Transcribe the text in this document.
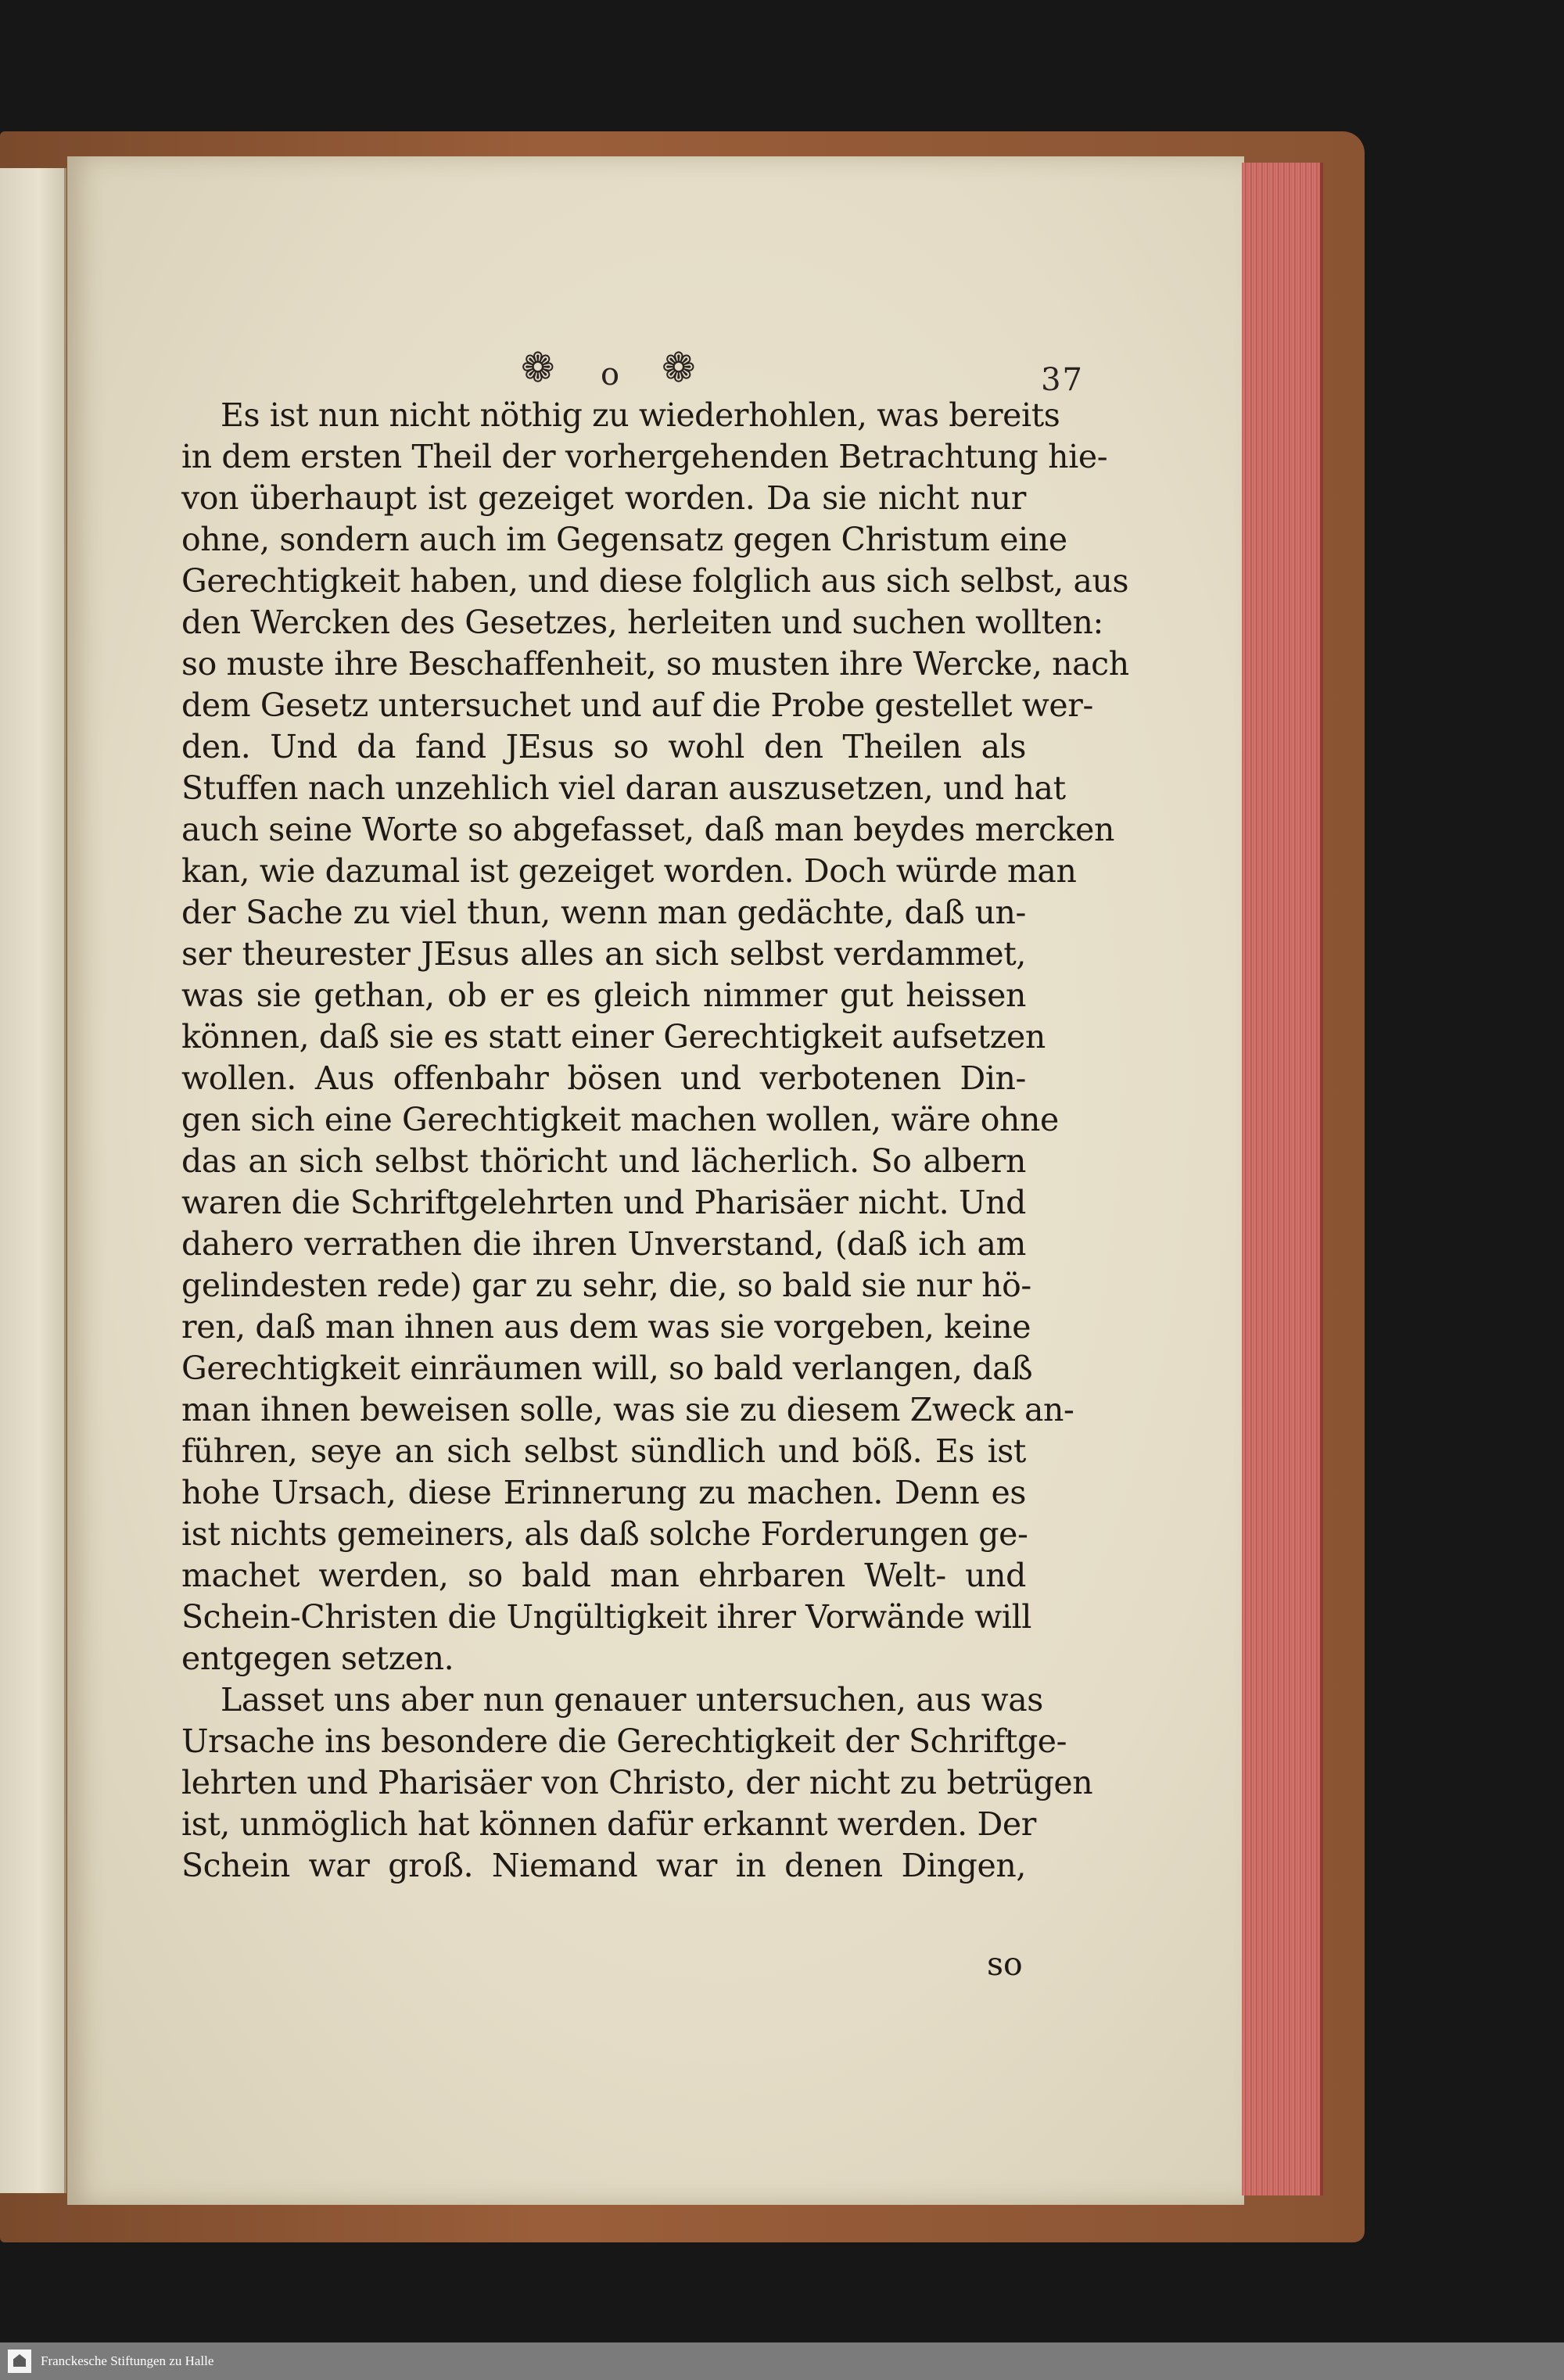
❁ o ❁	37
Es ist nun nicht nöthig zu wiederhohlen, was bereits
in dem ersten Theil der vorhergehenden Betrachtung hie-
von überhaupt ist gezeiget worden. Da sie nicht nur
ohne, sondern auch im Gegensatz gegen Christum eine
Gerechtigkeit haben, und diese folglich aus sich selbst, aus
den Wercken des Gesetzes, herleiten und suchen wollten:
so muste ihre Beschaffenheit, so musten ihre Wercke, nach
dem Gesetz untersuchet und auf die Probe gestellet wer-
den. Und da fand JEsus so wohl den Theilen als
Stuffen nach unzehlich viel daran auszusetzen, und hat
auch seine Worte so abgefasset, daß man beydes mercken
kan, wie dazumal ist gezeiget worden. Doch würde man
der Sache zu viel thun, wenn man gedächte, daß un-
ser theurester JEsus alles an sich selbst verdammet,
was sie gethan, ob er es gleich nimmer gut heissen
können, daß sie es statt einer Gerechtigkeit aufsetzen
wollen. Aus offenbahr bösen und verbotenen Din-
gen sich eine Gerechtigkeit machen wollen, wäre ohne
das an sich selbst thöricht und lächerlich. So albern
waren die Schriftgelehrten und Pharisäer nicht. Und
dahero verrathen die ihren Unverstand, (daß ich am
gelindesten rede) gar zu sehr, die, so bald sie nur hö-
ren, daß man ihnen aus dem was sie vorgeben, keine
Gerechtigkeit einräumen will, so bald verlangen, daß
man ihnen beweisen solle, was sie zu diesem Zweck an-
führen, seye an sich selbst sündlich und böß. Es ist
hohe Ursach, diese Erinnerung zu machen. Denn es
ist nichts gemeiners, als daß solche Forderungen ge-
machet werden, so bald man ehrbaren Welt- und
Schein-Christen die Ungültigkeit ihrer Vorwände will
entgegen setzen.
Lasset uns aber nun genauer untersuchen, aus was
Ursache ins besondere die Gerechtigkeit der Schriftge-
lehrten und Pharisäer von Christo, der nicht zu betrügen
ist, unmöglich hat können dafür erkannt werden. Der
Schein war groß. Niemand war in denen Dingen,
so
Franckesche Stiftungen zu Halle
